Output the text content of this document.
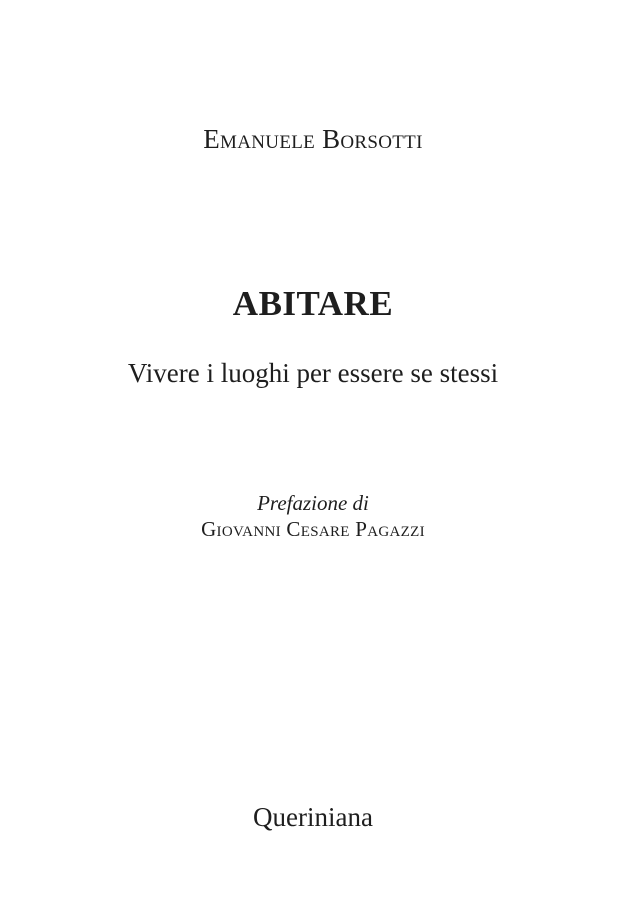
Emanuele Borsotti
ABITARE
Vivere i luoghi per essere se stessi
Prefazione di
Giovanni Cesare Pagazzi
Queriniana
